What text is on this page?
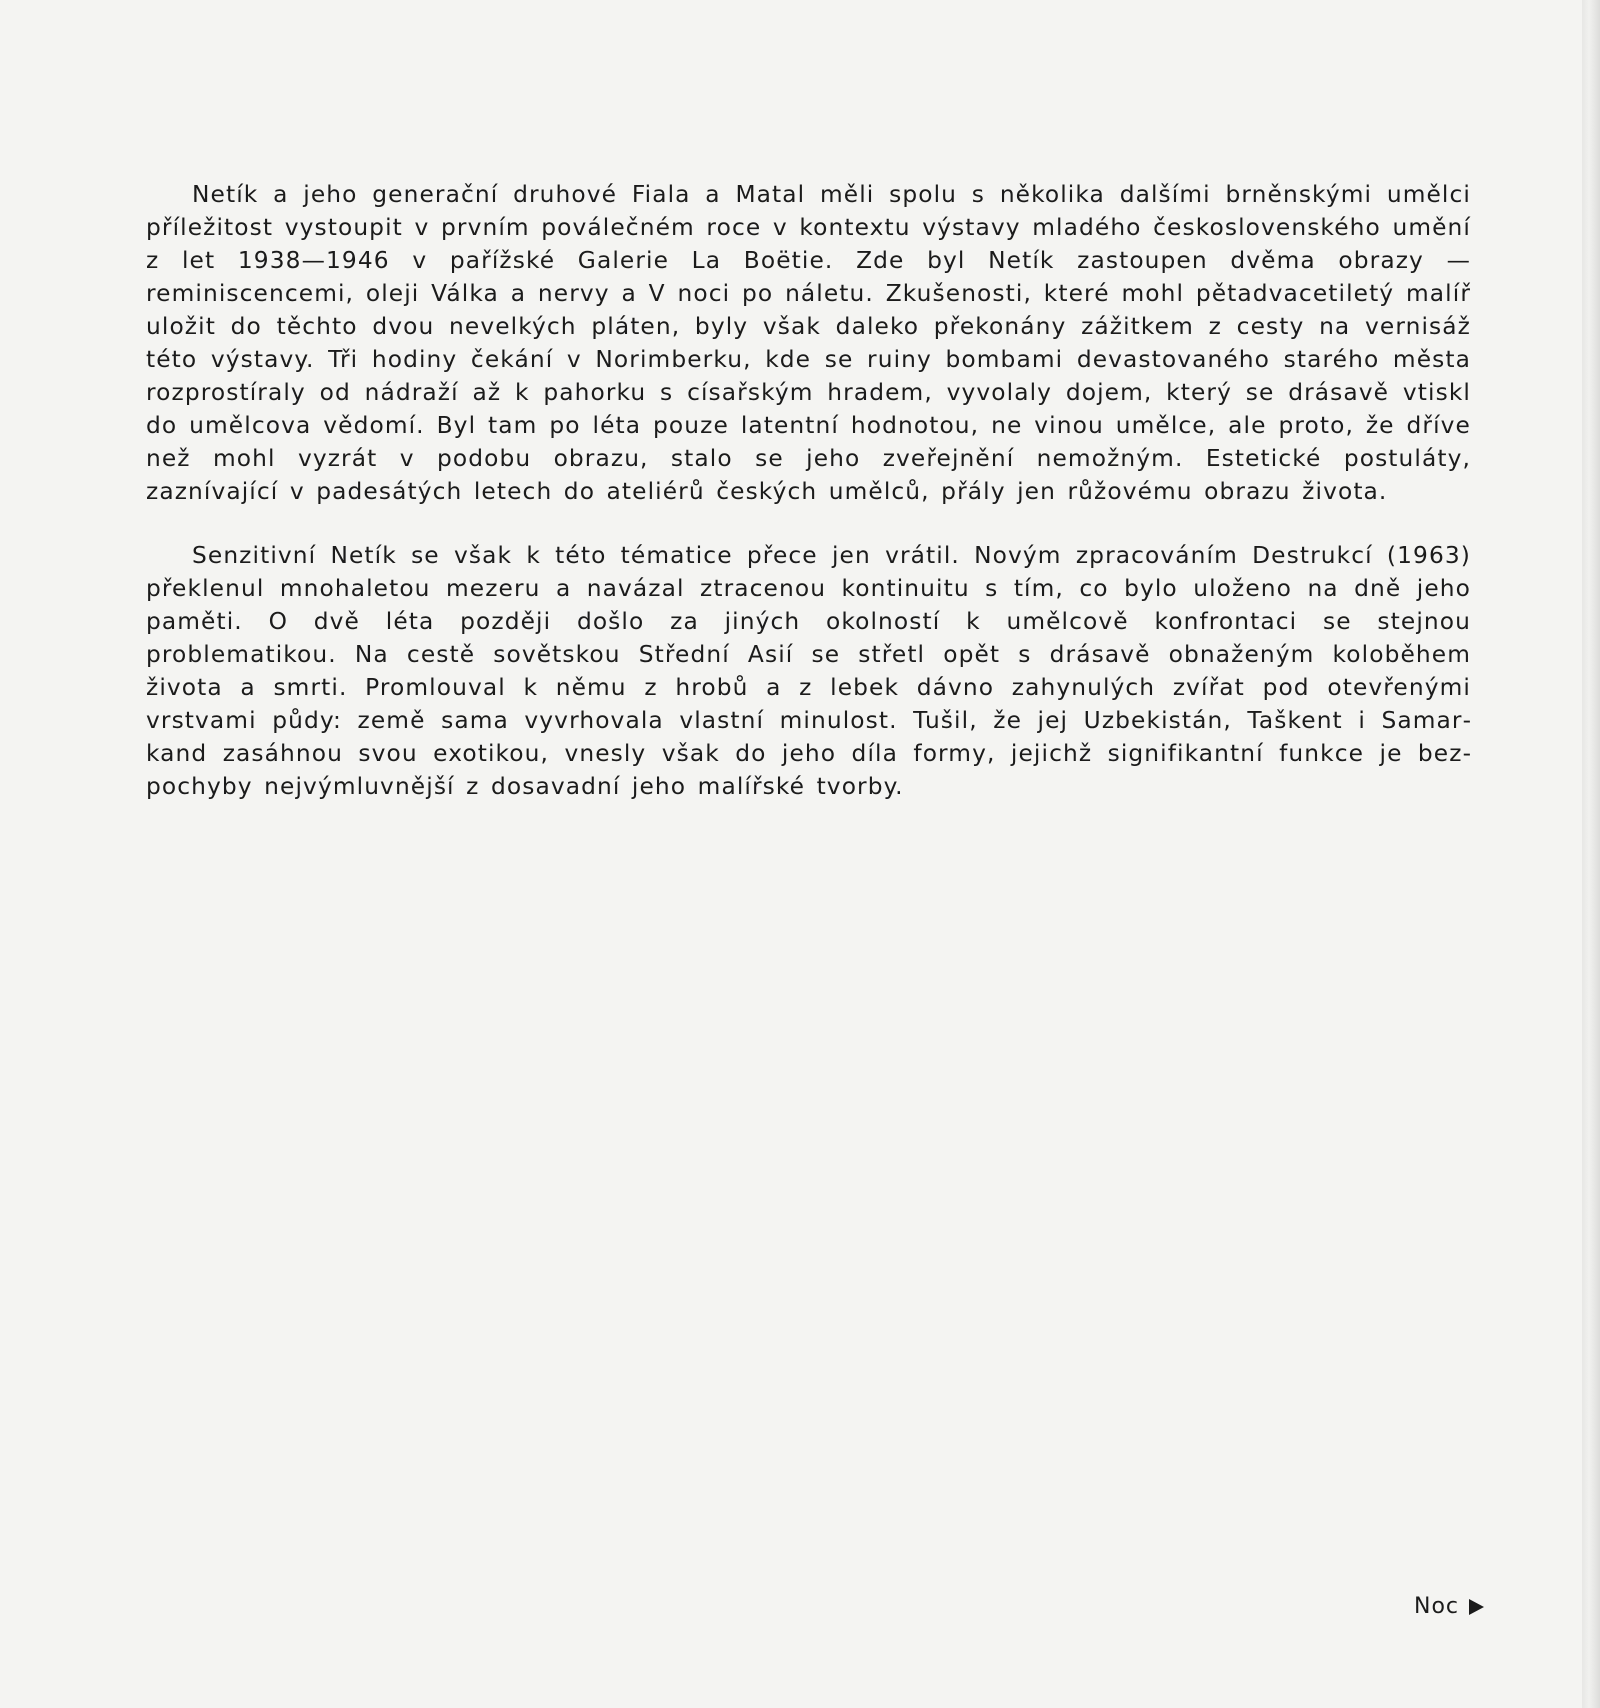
Netík a jeho generační druhové Fiala a Matal měli spolu s několika dalšími brněnskými umělci příležitost vystoupit v prvním poválečném roce v kontextu výstavy mladého československého umění z let 1938—1946 v pařížské Galerie La Boëtie. Zde byl Netík zastoupen dvěma obrazy — reminiscencemi, oleji Válka a nervy a V noci po náletu. Zkušenosti, které mohl pětadvacetiletý malíř uložit do těchto dvou nevelkých pláten, byly však daleko překonány zážitkem z cesty na vernisáž této výstavy. Tři hodiny čekání v Norimberku, kde se ruiny bombami devastovaného starého města rozprostíraly od nádraží až k pahorku s císařským hradem, vyvolaly dojem, který se drásavě vtiskl do umělcova vědomí. Byl tam po léta pouze latentní hodnotou, ne vinou umělce, ale proto, že dříve než mohl vyzrát v podobu obrazu, stalo se jeho zveřejnění nemožným. Estetické postuláty, zaznívající v padesátých letech do ateliérů českých umělců, přály jen růžovému obrazu života.

Senzitivní Netík se však k této tématice přece jen vrátil. Novým zpracováním Destrukcí (1963) překlenul mnohaletou mezeru a navázal ztracenou kontinuitu s tím, co bylo uloženo na dně jeho paměti. O dvě léta později došlo za jiných okolností k umělcově konfrontaci se stejnou problematikou. Na cestě sovětskou Střední Asií se střetl opět s drásavě obnaženým koloběhem života a smrti. Promlouval k němu z hrobů a z lebek dávno zahynulých zvířat pod otevřenými vrstvami půdy: země sama vyvrhovala vlastní minulost. Tušil, že jej Uzbekistán, Taškent i Samarkand zasáhnou svou exotikou, vnesly však do jeho díla formy, jejichž signifikantní funkce je bezpochyby nejvýmluvnější z dosavadní jeho malířské tvorby.

Noc
